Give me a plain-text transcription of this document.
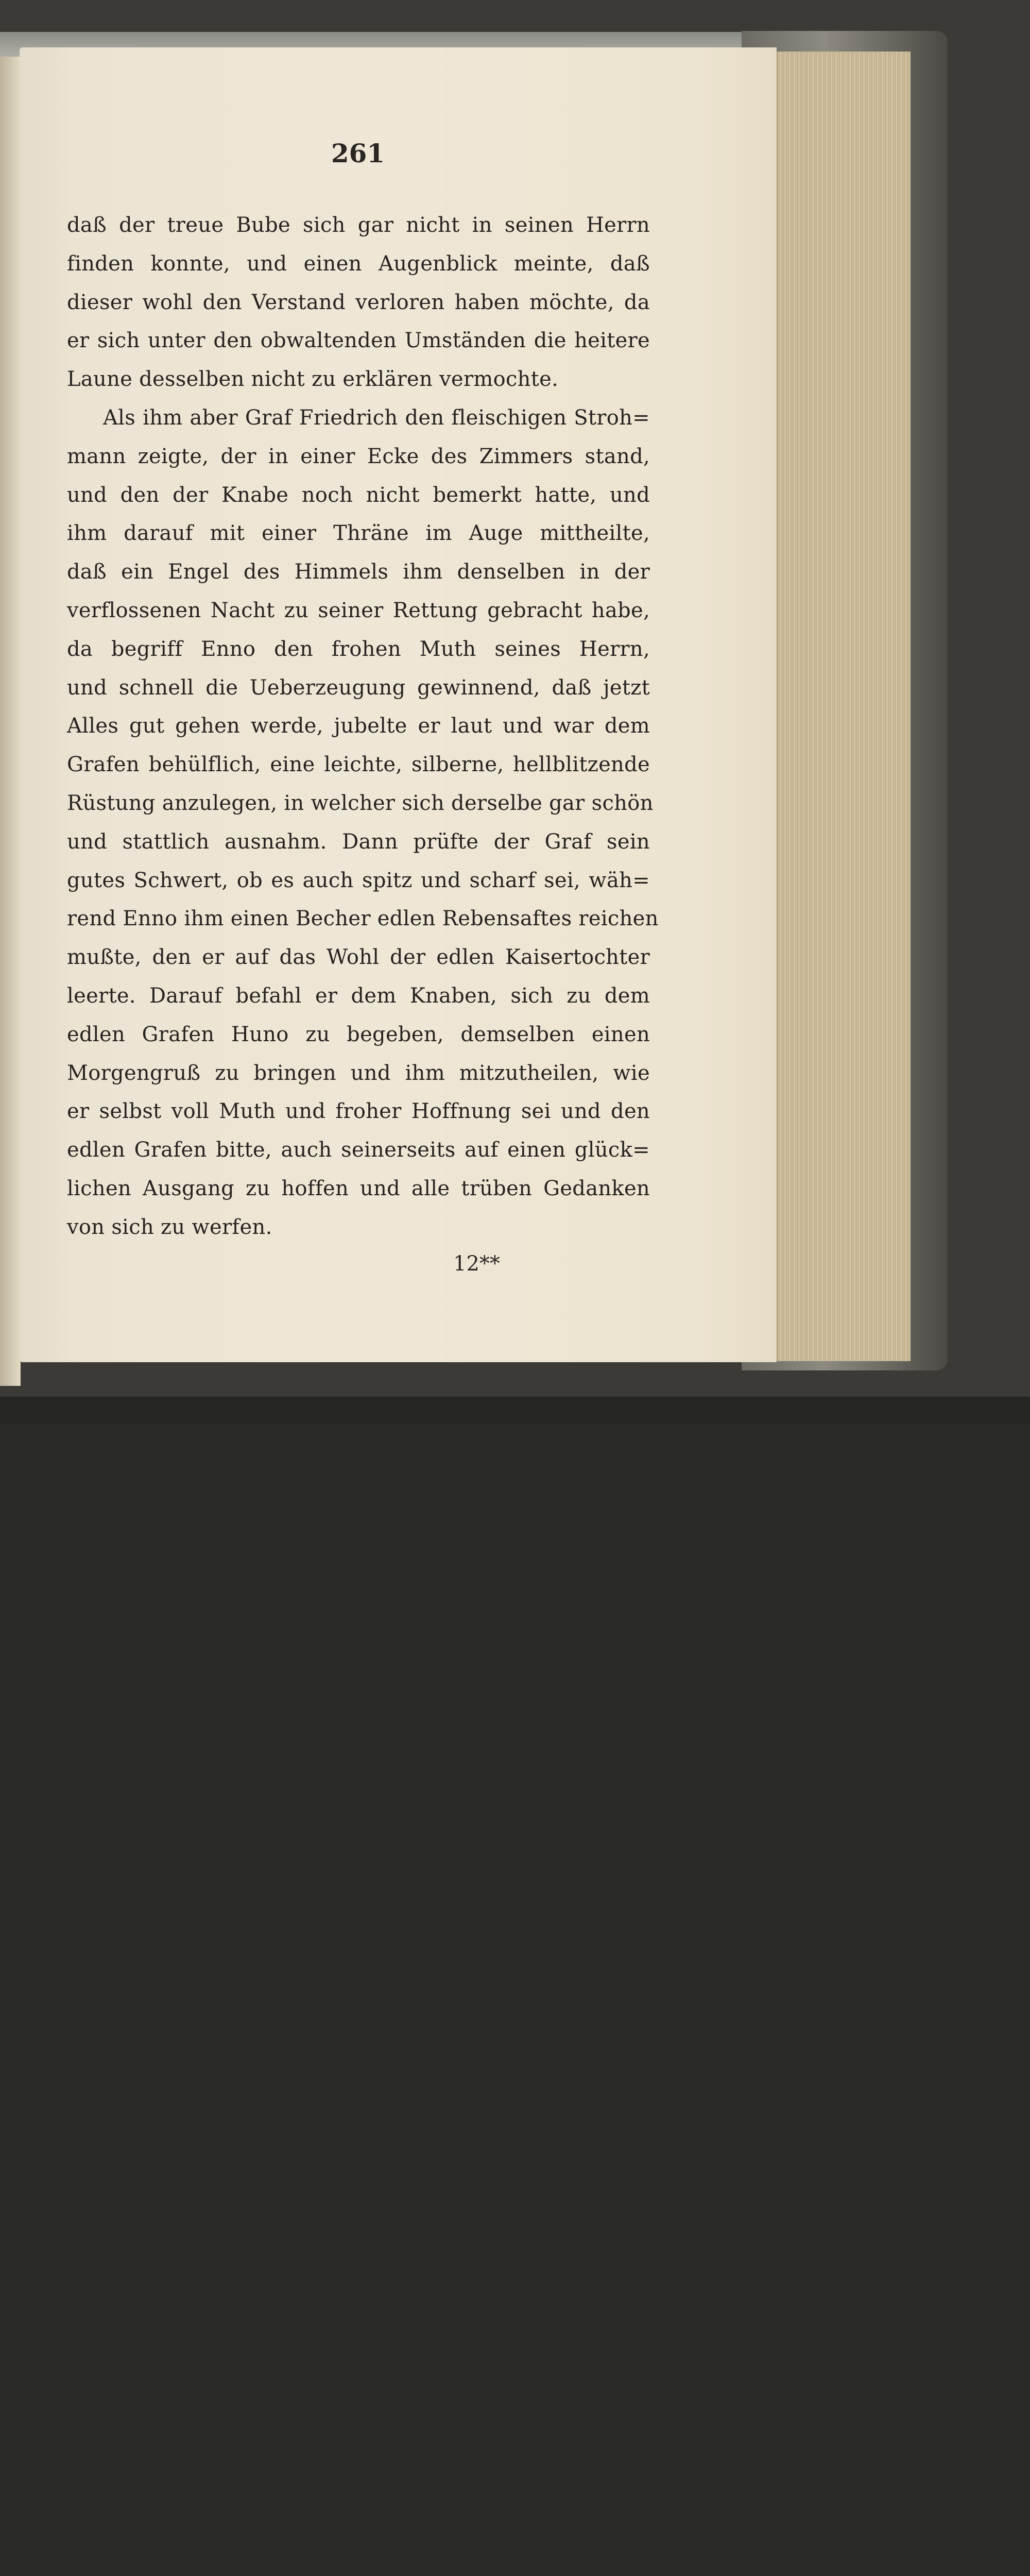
261
daß der treue Bube sich gar nicht in seinen Herrn
finden konnte, und einen Augenblick meinte, daß
dieser wohl den Verstand verloren haben möchte, da
er sich unter den obwaltenden Umständen die heitere
Laune desselben nicht zu erklären vermochte.
Als ihm aber Graf Friedrich den fleischigen Stroh=
mann zeigte, der in einer Ecke des Zimmers stand,
und den der Knabe noch nicht bemerkt hatte, und
ihm darauf mit einer Thräne im Auge mittheilte,
daß ein Engel des Himmels ihm denselben in der
verflossenen Nacht zu seiner Rettung gebracht habe,
da begriff Enno den frohen Muth seines Herrn,
und schnell die Ueberzeugung gewinnend, daß jetzt
Alles gut gehen werde, jubelte er laut und war dem
Grafen behülflich, eine leichte, silberne, hellblitzende
Rüstung anzulegen, in welcher sich derselbe gar schön
und stattlich ausnahm. Dann prüfte der Graf sein
gutes Schwert, ob es auch spitz und scharf sei, wäh=
rend Enno ihm einen Becher edlen Rebensaftes reichen
mußte, den er auf das Wohl der edlen Kaisertochter
leerte. Darauf befahl er dem Knaben, sich zu dem
edlen Grafen Huno zu begeben, demselben einen
Morgengruß zu bringen und ihm mitzutheilen, wie
er selbst voll Muth und froher Hoffnung sei und den
edlen Grafen bitte, auch seinerseits auf einen glück=
lichen Ausgang zu hoffen und alle trüben Gedanken
von sich zu werfen.
12**
